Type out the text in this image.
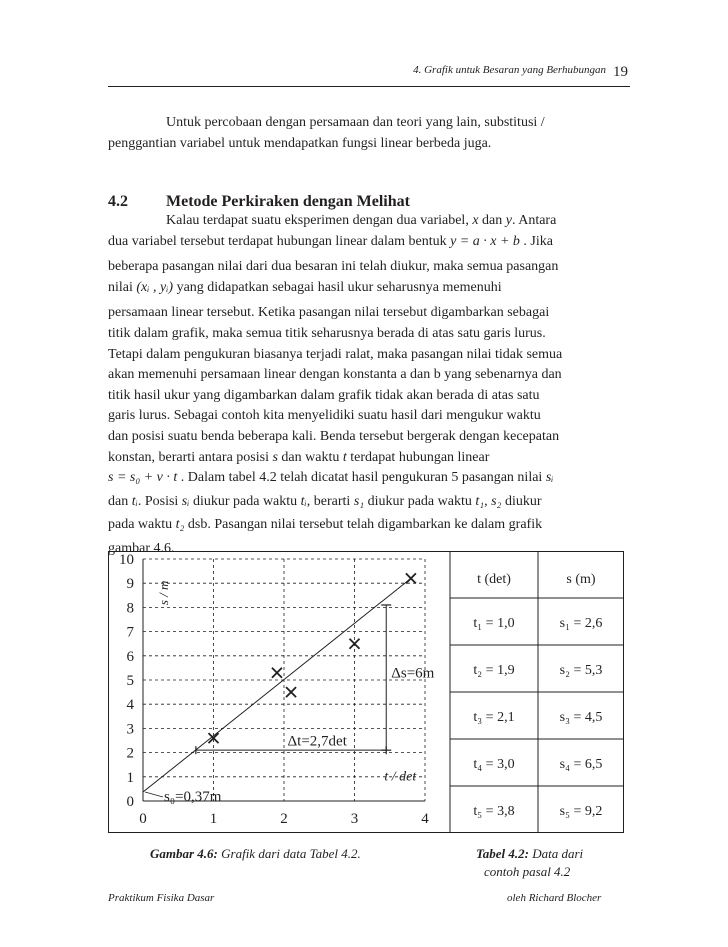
4. Grafik untuk Besaran yang Berhubungan 19
Untuk percobaan dengan persamaan dan teori yang lain, substitusi /
penggantian variabel untuk mendapatkan fungsi linear berbeda juga.
4.2 Metode Perkiraken dengan Melihat
Kalau terdapat suatu eksperimen dengan dua variabel, x dan y. Antara
dua variabel tersebut terdapat hubungan linear dalam bentuk y = a · x + b . Jika
beberapa pasangan nilai dari dua besaran ini telah diukur, maka semua pasangan
nilai (xᵢ , yᵢ) yang didapatkan sebagai hasil ukur seharusnya memenuhi
persamaan linear tersebut. Ketika pasangan nilai tersebut digambarkan sebagai
titik dalam grafik, maka semua titik seharusnya berada di atas satu garis lurus.
Tetapi dalam pengukuran biasanya terjadi ralat, maka pasangan nilai tidak semua
akan memenuhi persamaan linear dengan konstanta a dan b yang sebenarnya dan
titik hasil ukur yang digambarkan dalam grafik tidak akan berada di atas satu
garis lurus. Sebagai contoh kita menyelidiki suatu hasil dari mengukur waktu
dan posisi suatu benda beberapa kali. Benda tersebut bergerak dengan kecepatan
konstan, berarti antara posisi s dan waktu t terdapat hubungan linear
s = s₀ + v · t . Dalam tabel 4.2 telah dicatat hasil pengukuran 5 pasangan nilai sᵢ
dan tᵢ. Posisi sᵢ diukur pada waktu tᵢ, berarti s₁ diukur pada waktu t₁, s₂ diukur
pada waktu t₂ dsb. Pasangan nilai tersebut telah digambarkan ke dalam grafik
gambar 4.6.
0
1
2
3
4
5
6
7
8
9
10
0	1	2	3	4
s / m
t / det
Δs=6m
Δt=2,7det
s₀=0,37m
t (det)	s (m)
t₁ = 1,0	s₁ = 2,6
t₂ = 1,9	s₂ = 5,3
t₃ = 2,1	s₃ = 4,5
t₄ = 3,0	s₄ = 6,5
t₅ = 3,8	s₅ = 9,2
Gambar 4.6: Grafik dari data Tabel 4.2.	Tabel 4.2: Data dari
contoh pasal 4.2
Praktikum Fisika Dasar	oleh Richard Blocher
